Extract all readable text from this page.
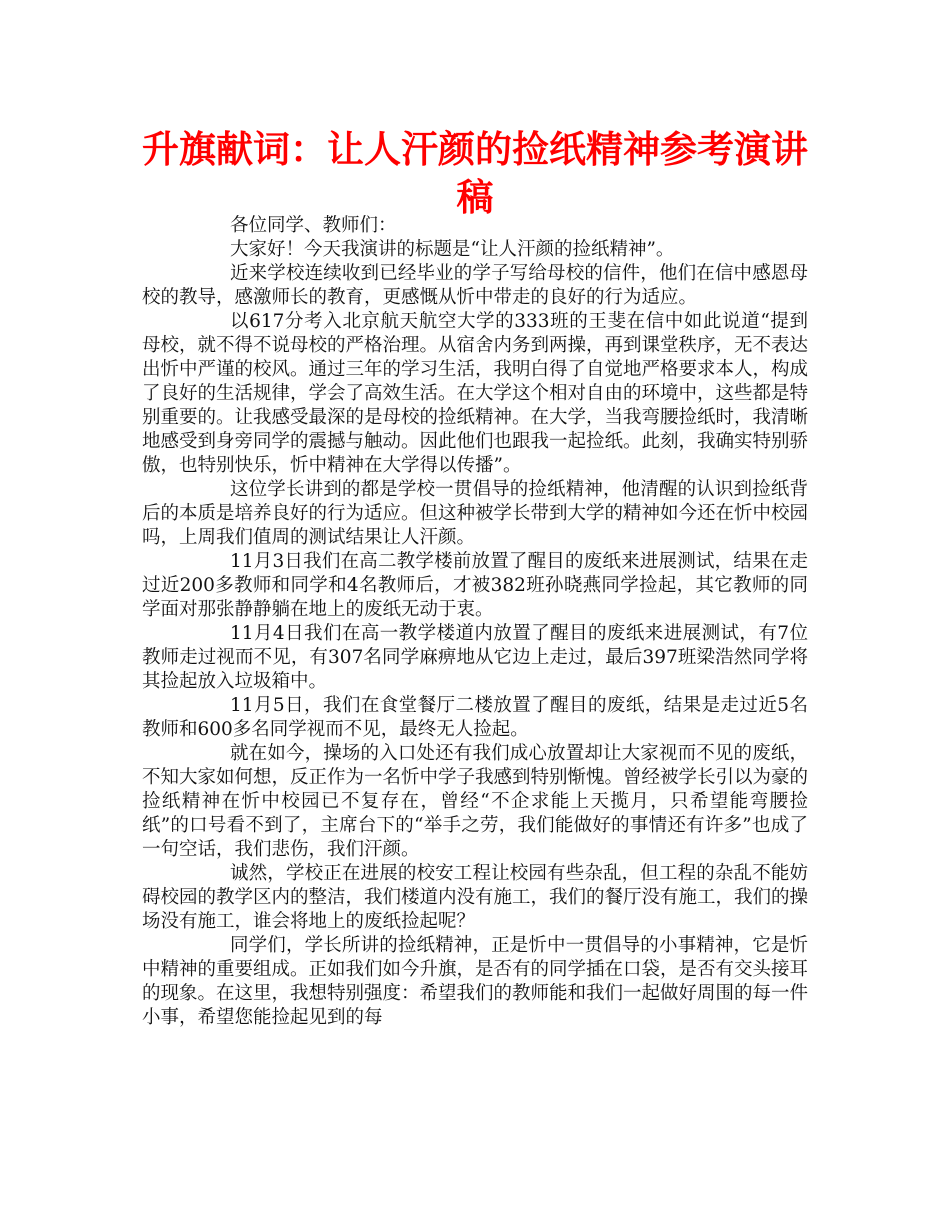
升旗献词：让人汗颜的捡纸精神参考演讲稿

各位同学、教师们：

大家好！今天我演讲的标题是“让人汗颜的捡纸精神”。

近来学校连续收到已经毕业的学子写给母校的信件，他们在信中感恩母校的教导，感激师长的教育，更感慨从忻中带走的良好的行为适应。

以617分考入北京航天航空大学的333班的王斐在信中如此说道“提到母校，就不得不说母校的严格治理。从宿舍内务到两操，再到课堂秩序，无不表达出忻中严谨的校风。通过三年的学习生活，我明白得了自觉地严格要求本人，构成了良好的生活规律，学会了高效生活。在大学这个相对自由的环境中，这些都是特别重要的。让我感受最深的是母校的捡纸精神。在大学，当我弯腰捡纸时，我清晰地感受到身旁同学的震撼与触动。因此他们也跟我一起捡纸。此刻，我确实特别骄傲，也特别快乐，忻中精神在大学得以传播”。

这位学长讲到的都是学校一贯倡导的捡纸精神，他清醒的认识到捡纸背后的本质是培养良好的行为适应。但这种被学长带到大学的精神如今还在忻中校园吗，上周我们值周的测试结果让人汗颜。

11月3日我们在高二教学楼前放置了醒目的废纸来进展测试，结果在走过近200多教师和同学和4名教师后，才被382班孙晓燕同学捡起，其它教师的同学面对那张静静躺在地上的废纸无动于衷。

11月4日我们在高一教学楼道内放置了醒目的废纸来进展测试，有7位教师走过视而不见，有307名同学麻痹地从它边上走过，最后397班梁浩然同学将其捡起放入垃圾箱中。

11月5日，我们在食堂餐厅二楼放置了醒目的废纸，结果是走过近5名教师和600多名同学视而不见，最终无人捡起。

就在如今，操场的入口处还有我们成心放置却让大家视而不见的废纸，不知大家如何想，反正作为一名忻中学子我感到特别惭愧。曾经被学长引以为豪的捡纸精神在忻中校园已不复存在，曾经“不企求能上天揽月，只希望能弯腰捡纸”的口号看不到了，主席台下的“举手之劳，我们能做好的事情还有许多”也成了一句空话，我们悲伤，我们汗颜。

诚然，学校正在进展的校安工程让校园有些杂乱，但工程的杂乱不能妨碍校园的教学区内的整洁，我们楼道内没有施工，我们的餐厅没有施工，我们的操场没有施工，谁会将地上的废纸捡起呢？

同学们，学长所讲的捡纸精神，正是忻中一贯倡导的小事精神，它是忻中精神的重要组成。正如我们如今升旗，是否有的同学插在口袋，是否有交头接耳的现象。在这里，我想特别强度：希望我们的教师能和我们一起做好周围的每一件小事，希望您能捡起见到的每
